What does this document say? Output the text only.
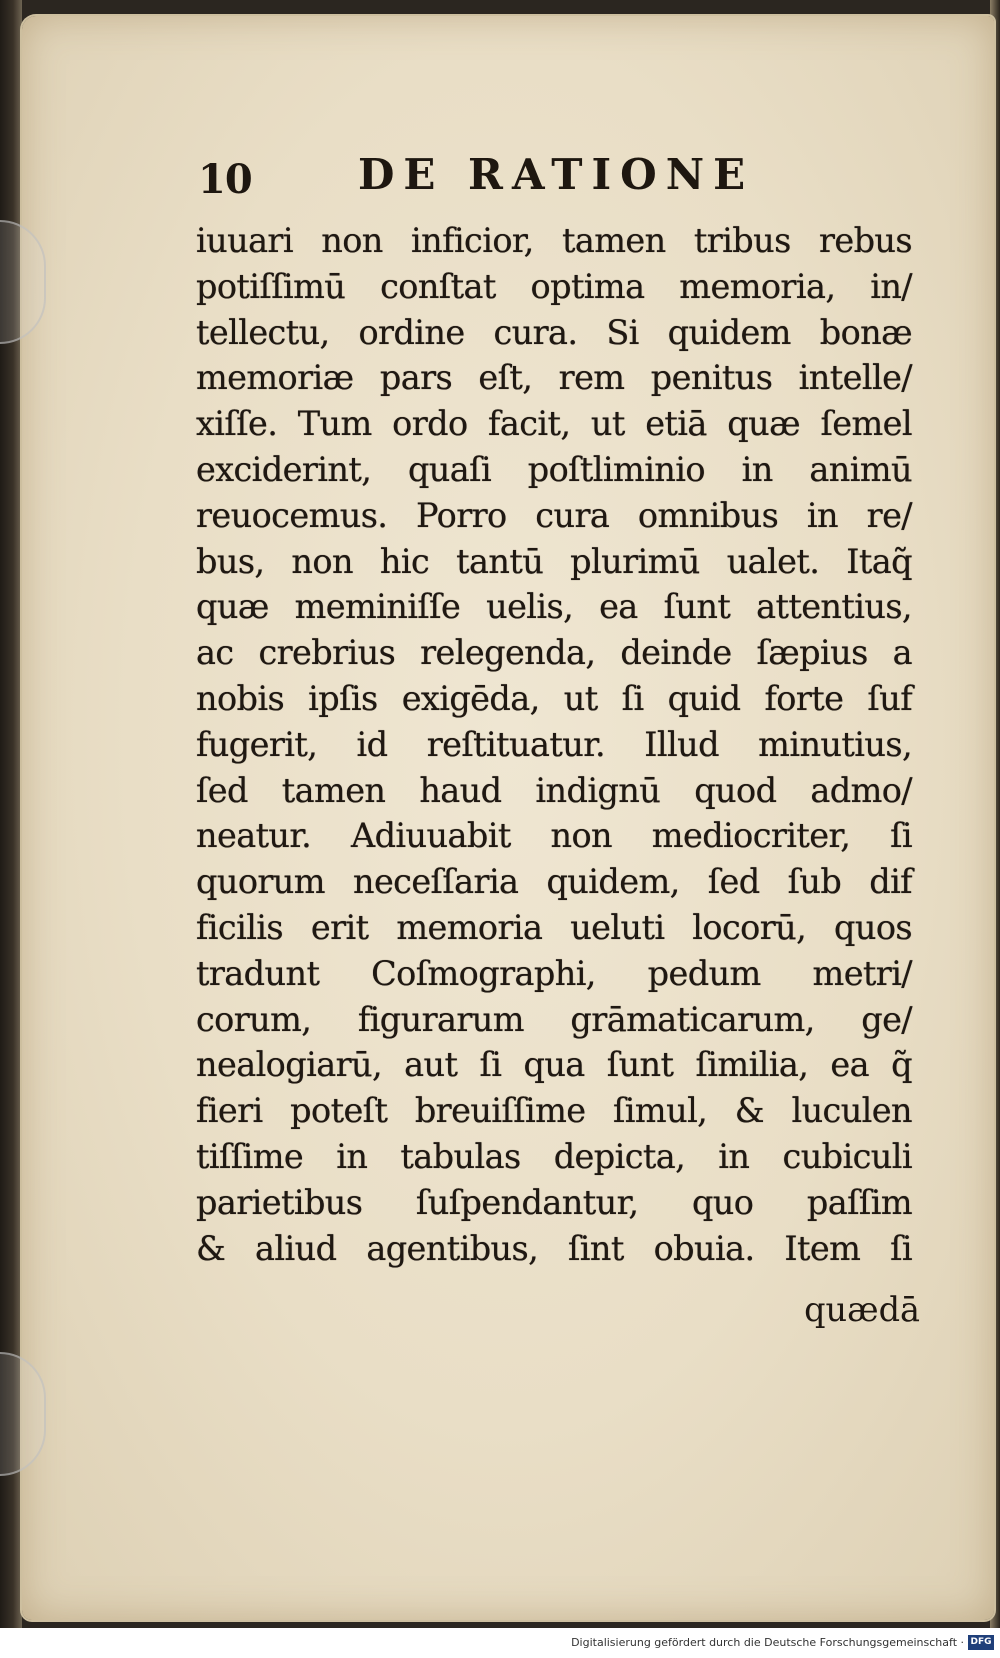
10	DE RATIONE
iuuari non inficior, tamen tribus rebus
potiſſimū conſtat optima memoria, in/
tellectu, ordine cura. Si quidem bonæ
memoriæ pars eſt, rem penitus intelle/
xiſſe. Tum ordo facit, ut etiā quæ ſemel
exciderint, quaſi poſtliminio in animū
reuocemus. Porro cura omnibus in re/
bus, non hic tantū plurimū ualet. Itaq̃
quæ meminiſſe uelis, ea ſunt attentius,
ac crebrius relegenda, deinde ſæpius a
nobis ipſis exigēda, ut ſi quid forte ſuf
fugerit, id reſtituatur. Illud minutius,
ſed tamen haud indignū quod admo/
neatur. Adiuuabit non mediocriter, ſi
quorum neceſſaria quidem, ſed ſub dif
ficilis erit memoria ueluti locorū, quos
tradunt Coſmographi, pedum metri/
corum, figurarum grāmaticarum, ge/
nealogiarū, aut ſi qua ſunt ſimilia, ea q̃
fieri poteſt breuiſſime ſimul, & luculen
tiſſime in tabulas depicta, in cubiculi
parietibus ſuſpendantur, quo paſſim
& aliud agentibus, ſint obuia. Item ſi
quædā
Digitalisierung gefördert durch die Deutsche Forschungsgemeinschaft · DFG
